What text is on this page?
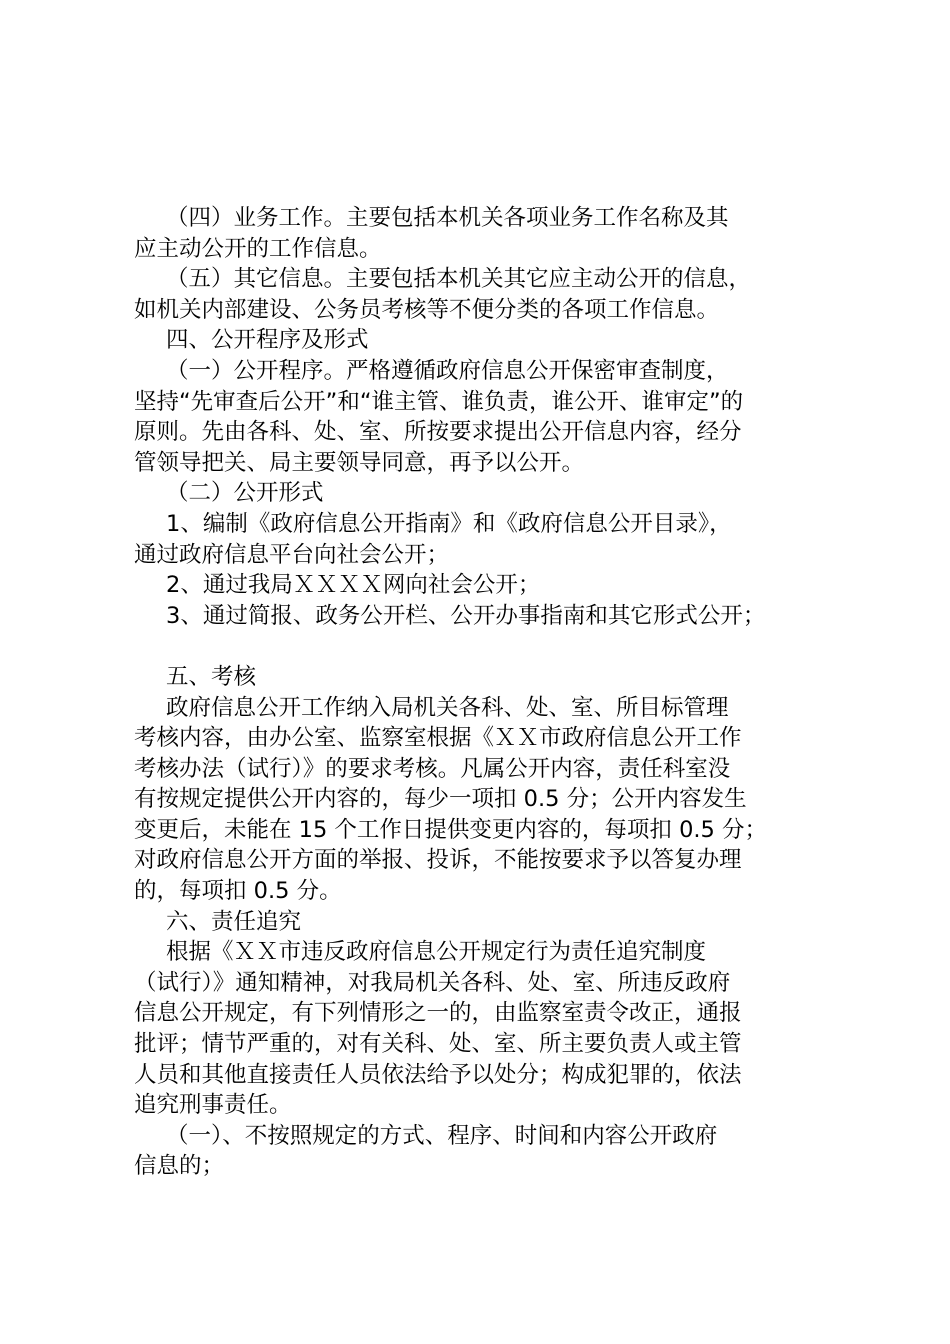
（四）业务工作。主要包括本机关各项业务工作名称及其
应主动公开的工作信息。
（五）其它信息。主要包括本机关其它应主动公开的信息，
如机关内部建设、公务员考核等不便分类的各项工作信息。
四、公开程序及形式
（一）公开程序。严格遵循政府信息公开保密审查制度，
坚持“先审查后公开”和“谁主管、谁负责，谁公开、谁审定”的
原则。先由各科、处、室、所按要求提出公开信息内容，经分
管领导把关、局主要领导同意，再予以公开。
（二）公开形式
1、编制《政府信息公开指南》和《政府信息公开目录》，
通过政府信息平台向社会公开；
2、通过我局ＸＸＸＸ网向社会公开；
3、通过简报、政务公开栏、公开办事指南和其它形式公开；
五、考核
政府信息公开工作纳入局机关各科、处、室、所目标管理
考核内容，由办公室、监察室根据《ＸＸ市政府信息公开工作
考核办法（试行）》的要求考核。凡属公开内容，责任科室没
有按规定提供公开内容的，每少一项扣 0.5 分；公开内容发生
变更后，未能在 15 个工作日提供变更内容的，每项扣 0.5 分；
对政府信息公开方面的举报、投诉，不能按要求予以答复办理
的，每项扣 0.5 分。
六、责任追究
根据《ＸＸ市违反政府信息公开规定行为责任追究制度
（试行）》通知精神，对我局机关各科、处、室、所违反政府
信息公开规定，有下列情形之一的，由监察室责令改正，通报
批评；情节严重的，对有关科、处、室、所主要负责人或主管
人员和其他直接责任人员依法给予以处分；构成犯罪的，依法
追究刑事责任。
（一）、不按照规定的方式、程序、时间和内容公开政府
信息的；
